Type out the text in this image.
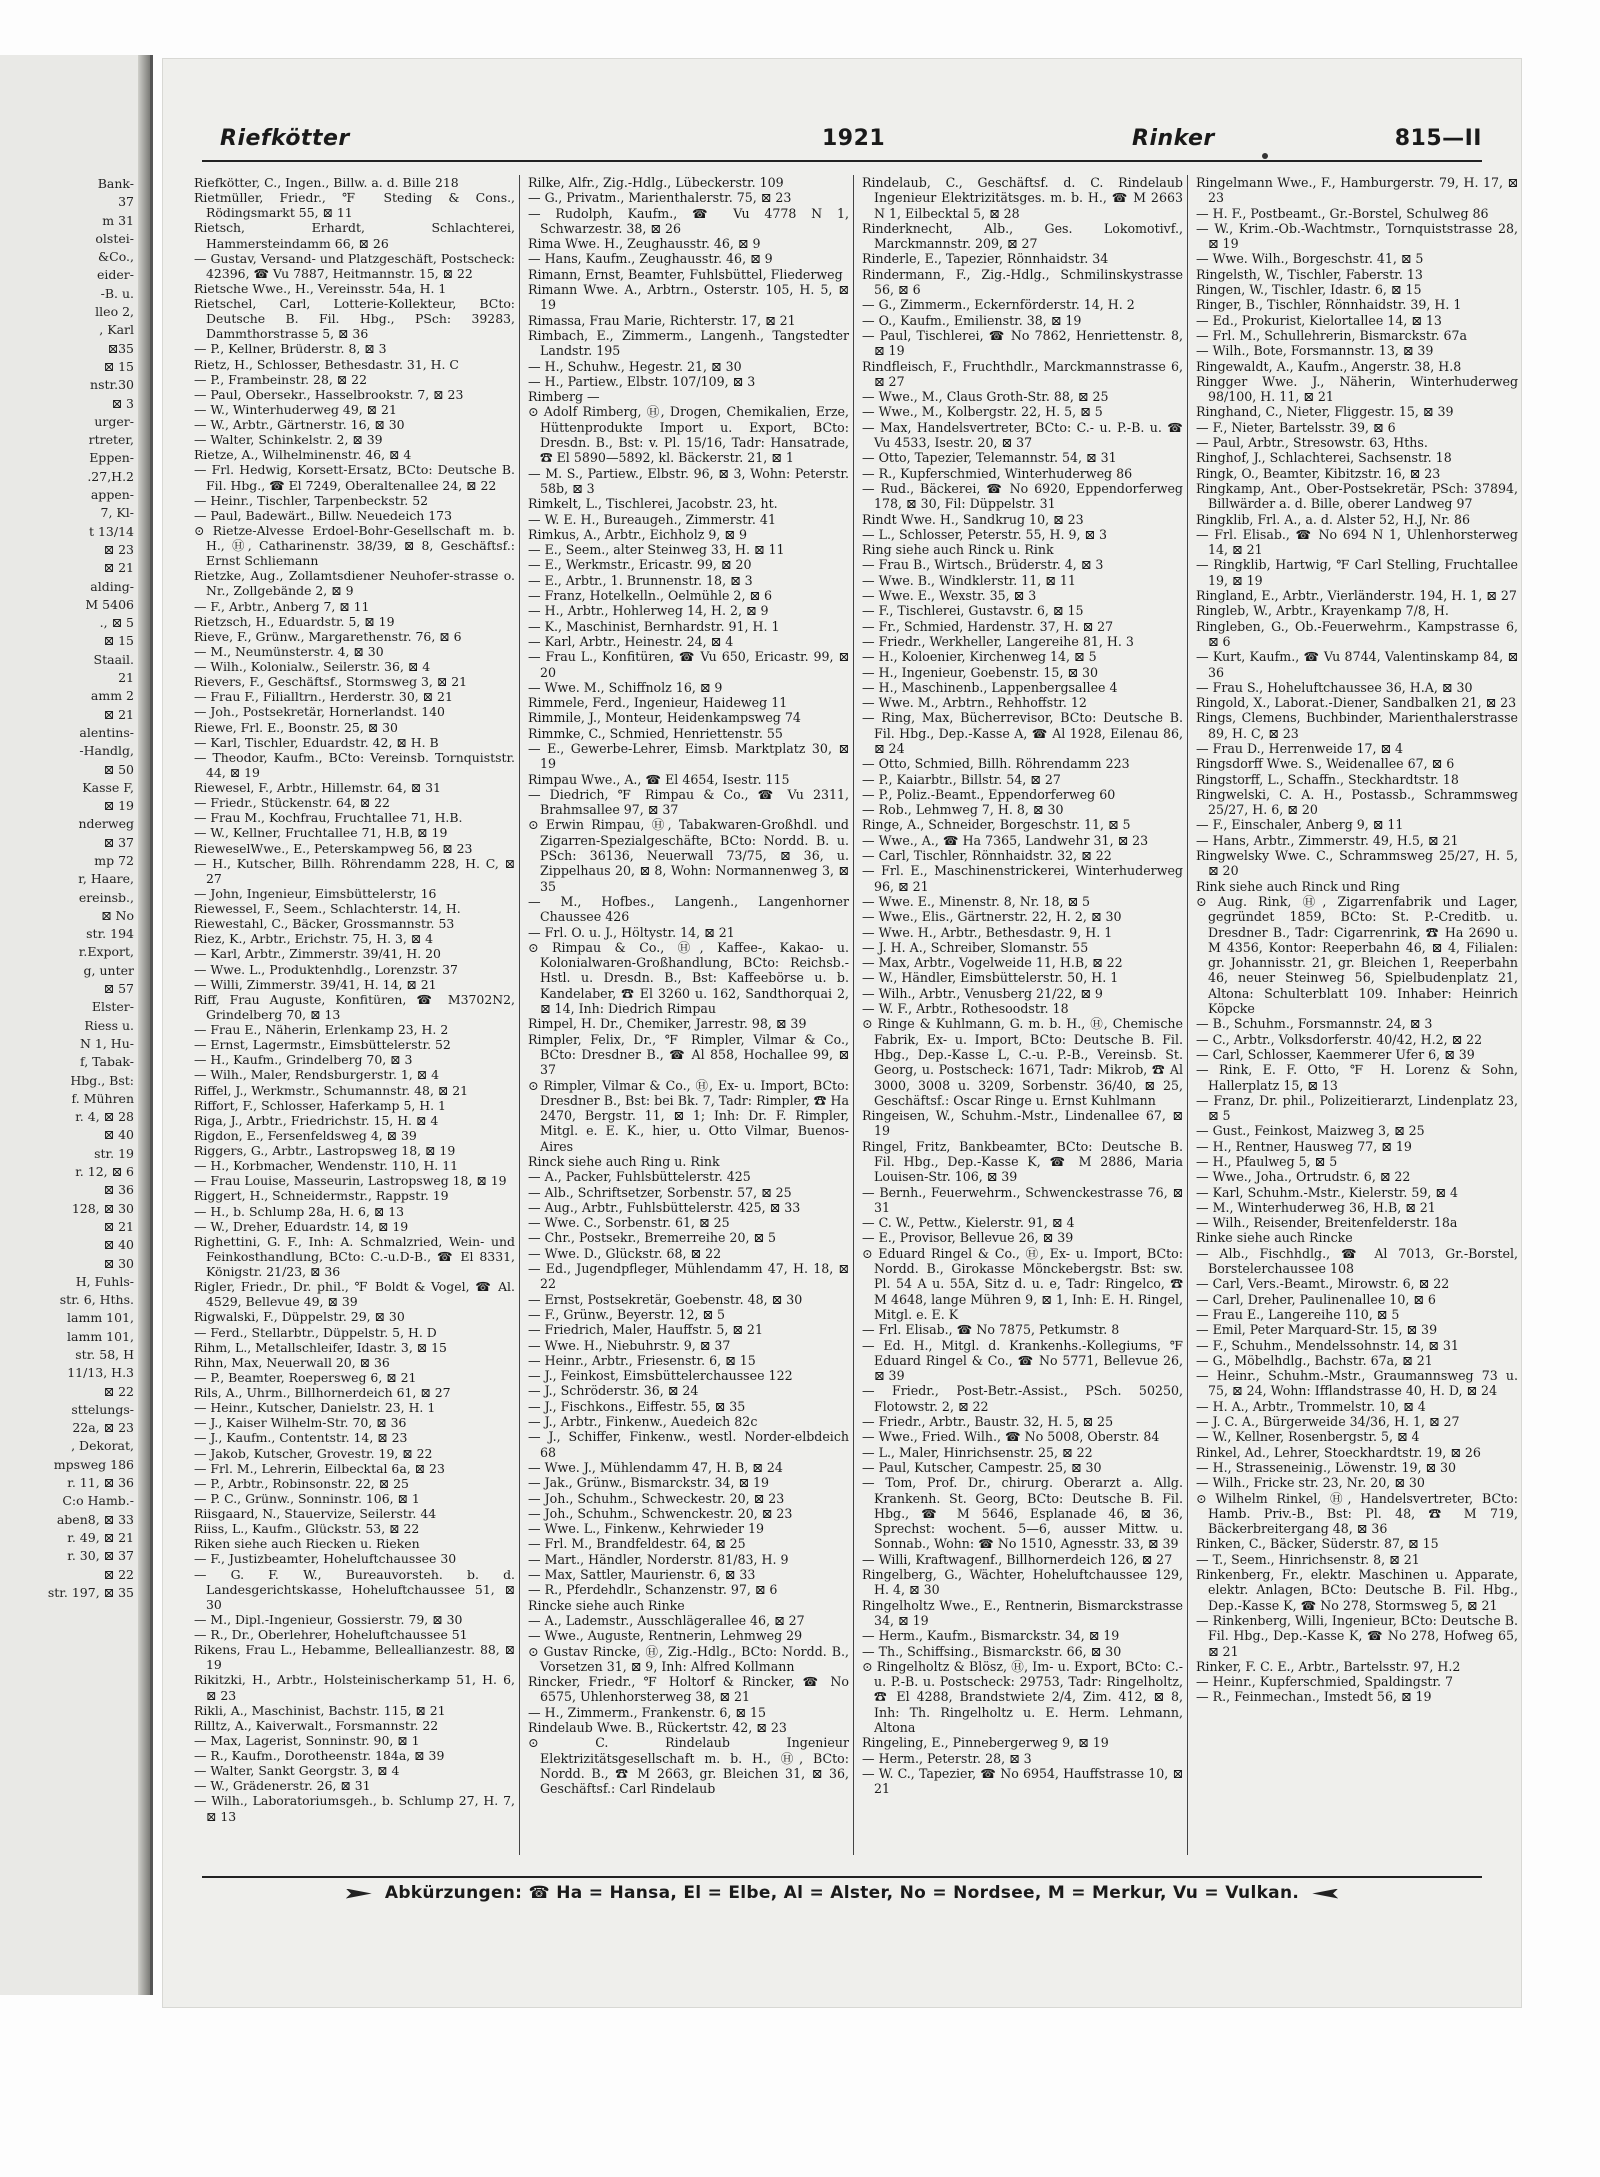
Bank-
37
m 31
olstei-
&Co.,
eider-
-B. u.
lleo 2,
, Karl
⊠35
⊠ 15
nstr.30
⊠ 3
urger-
rtreter,
Eppen-
.27,H.2
appen-
7, Kl-
t 13/14
⊠ 23
⊠ 21
alding-
M 5406
., ⊠ 5
⊠ 15
Staail.
21
amm 2
⊠ 21
alentins-
-Handlg,
⊠ 50
Kasse F,
⊠ 19
nderweg
⊠ 37
mp 72
r, Haare,
ereinsb.,
⊠ No
str. 194
r.Export,
g, unter
⊠ 57
Elster-
Riess u.
N 1, Hu-
f, Tabak-
Hbg., Bst:
f. Mühren
r. 4, ⊠ 28
⊠ 40
str. 19
r. 12, ⊠ 6
⊠ 36
128, ⊠ 30
⊠ 21
⊠ 40
⊠ 30
H, Fuhls-
str. 6, Hths.
lamm 101,
lamm 101,
str. 58, H
11/13, H.3
⊠ 22
sttelungs-
22a, ⊠ 23
, Dekorat,
mpsweg 186
r. 11, ⊠ 36
C:o Hamb.-
aben8, ⊠ 33
r. 49, ⊠ 21
r. 30, ⊠ 37
⊠ 22
str. 197, ⊠ 35
Riefkötter	1921	Rinker	815—II

Riefkötter, C., Ingen., Billw. a. d. Bille 218

Rietmüller, Friedr., ℉ Steding & Cons., Rödingsmarkt 55, ⊠ 11

Rietsch, Erhardt, Schlachterei, Hammersteindamm 66, ⊠ 26

— Gustav, Versand- und Platzgeschäft, Postscheck: 42396, ☎ Vu 7887, Heitmannstr. 15, ⊠ 22

Rietsche Wwe., H., Vereinsstr. 54a, H. 1

Rietschel, Carl, Lotterie-Kollekteur, BCto: Deutsche B. Fil. Hbg., PSch: 39283, Dammthorstrasse 5, ⊠ 36

— P., Kellner, Brüderstr. 8, ⊠ 3

Rietz, H., Schlosser, Bethesdastr. 31, H. C

— P., Frambeinstr. 28, ⊠ 22

— Paul, Obersekr., Hasselbrookstr. 7, ⊠ 23

— W., Winterhuderweg 49, ⊠ 21

— W., Arbtr., Gärtnerstr. 16, ⊠ 30

— Walter, Schinkelstr. 2, ⊠ 39

Rietze, A., Wilhelminenstr. 46, ⊠ 4

— Frl. Hedwig, Korsett-Ersatz, BCto: Deutsche B. Fil. Hbg., ☎ El 7249, Oberaltenallee 24, ⊠ 22

— Heinr., Tischler, Tarpenbeckstr. 52

— Paul, Badewärt., Billw. Neuedeich 173

⊙ Rietze-Alvesse Erdoel-Bohr-Gesellschaft m. b. H., Ⓗ, Catharinenstr. 38/39, ⊠ 8, Geschäftsf.: Ernst Schliemann

Rietzke, Aug., Zollamtsdiener Neuhofer-strasse o. Nr., Zollgebände 2, ⊠ 9

— F., Arbtr., Anberg 7, ⊠ 11

Rietzsch, H., Eduardstr. 5, ⊠ 19

Rieve, F., Grünw., Margarethenstr. 76, ⊠ 6

— M., Neumünsterstr. 4, ⊠ 30

— Wilh., Kolonialw., Seilerstr. 36, ⊠ 4

Rievers, F., Geschäftsf., Stormsweg 3, ⊠ 21

— Frau F., Filialltrn., Herderstr. 30, ⊠ 21

— Joh., Postsekretär, Hornerlandst. 140

Riewe, Frl. E., Boonstr. 25, ⊠ 30

— Karl, Tischler, Eduardstr. 42, ⊠ H. B

— Theodor, Kaufm., BCto: Vereinsb. Tornquiststr. 44, ⊠ 19

Riewesel, F., Arbtr., Hillemstr. 64, ⊠ 31

— Friedr., Stückenstr. 64, ⊠ 22

— Frau M., Kochfrau, Fruchtallee 71, H.B.

— W., Kellner, Fruchtallee 71, H.B, ⊠ 19

RieweselWwe., E., Peterskampweg 56, ⊠ 23

— H., Kutscher, Billh. Röhrendamm 228, H. C, ⊠ 27

— John, Ingenieur, Eimsbüttelerstr, 16

Riewessel, F., Seem., Schlachterstr. 14, H.

Riewestahl, C., Bäcker, Grossmannstr. 53

Riez, K., Arbtr., Erichstr. 75, H. 3, ⊠ 4

— Karl, Arbtr., Zimmerstr. 39/41, H. 20

— Wwe. L., Produktenhdlg., Lorenzstr. 37

— Willi, Zimmerstr. 39/41, H. 14, ⊠ 21

Riff, Frau Auguste, Konfitüren, ☎ M3702N2, Grindelberg 70, ⊠ 13

— Frau E., Näherin, Erlenkamp 23, H. 2

— Ernst, Lagermstr., Eimsbüttelerstr. 52

— H., Kaufm., Grindelberg 70, ⊠ 3

— Wilh., Maler, Rendsburgerstr. 1, ⊠ 4

Riffel, J., Werkmstr., Schumannstr. 48, ⊠ 21

Riffort, F., Schlosser, Haferkamp 5, H. 1

Riga, J., Arbtr., Friedrichstr. 15, H. ⊠ 4

Rigdon, E., Fersenfeldsweg 4, ⊠ 39

Riggers, G., Arbtr., Lastropsweg 18, ⊠ 19

— H., Korbmacher, Wendenstr. 110, H. 11

— Frau Louise, Masseurin, Lastropsweg 18, ⊠ 19

Riggert, H., Schneidermstr., Rappstr. 19

— H., b. Schlump 28a, H. 6, ⊠ 13

— W., Dreher, Eduardstr. 14, ⊠ 19

Righettini, G. F., Inh: A. Schmalzried, Wein- und Feinkosthandlung, BCto: C.-u.D-B., ☎ El 8331, Königstr. 21/23, ⊠ 36

Rigler, Friedr., Dr. phil., ℉ Boldt & Vogel, ☎ Al. 4529, Bellevue 49, ⊠ 39

Rigwalski, F., Düppelstr. 29, ⊠ 30

— Ferd., Stellarbtr., Düppelstr. 5, H. D

Rihm, L., Metallschleifer, Idastr. 3, ⊠ 15

Rihn, Max, Neuerwall 20, ⊠ 36

— P., Beamter, Roepersweg 6, ⊠ 21

Rils, A., Uhrm., Billhornerdeich 61, ⊠ 27

— Heinr., Kutscher, Danielstr. 23, H. 1

— J., Kaiser Wilhelm-Str. 70, ⊠ 36

— J., Kaufm., Contentstr. 14, ⊠ 23

— Jakob, Kutscher, Grovestr. 19, ⊠ 22

— Frl. M., Lehrerin, Eilbecktal 6a, ⊠ 23

— P., Arbtr., Robinsonstr. 22, ⊠ 25

— P. C., Grünw., Sonninstr. 106, ⊠ 1

Riisgaard, N., Stauervize, Seilerstr. 44

Riiss, L., Kaufm., Glückstr. 53, ⊠ 22

Riken siehe auch Riecken u. Rieken

— F., Justizbeamter, Hoheluftchaussee 30

— G. F. W., Bureauvorsteh. b. d. Landesgerichtskasse, Hoheluftchaussee 51, ⊠ 30

— M., Dipl.-Ingenieur, Gossierstr. 79, ⊠ 30

— R., Dr., Oberlehrer, Hoheluftchaussee 51

Rikens, Frau L., Hebamme, Belleallianzestr. 88, ⊠ 19

Rikitzki, H., Arbtr., Holsteinischerkamp 51, H. 6, ⊠ 23

Rikli, A., Maschinist, Bachstr. 115, ⊠ 21

Rilltz, A., Kaiverwalt., Forsmannstr. 22

— Max, Lagerist, Sonninstr. 90, ⊠ 1

— R., Kaufm., Dorotheenstr. 184a, ⊠ 39

— Walter, Sankt Georgstr. 3, ⊠ 4

— W., Grädenerstr. 26, ⊠ 31

— Wilh., Laboratoriumsgeh., b. Schlump 27, H. 7, ⊠ 13

Rilke, Alfr., Zig.-Hdlg., Lübeckerstr. 109

— G., Privatm., Marienthalerstr. 75, ⊠ 23

— Rudolph, Kaufm., ☎ Vu 4778 N 1, Schwarzestr. 38, ⊠ 26

Rima Wwe. H., Zeughausstr. 46, ⊠ 9

— Hans, Kaufm., Zeughausstr. 46, ⊠ 9

Rimann, Ernst, Beamter, Fuhlsbüttel, Fliederweg

Rimann Wwe. A., Arbtrn., Osterstr. 105, H. 5, ⊠ 19

Rimassa, Frau Marie, Richterstr. 17, ⊠ 21

Rimbach, E., Zimmerm., Langenh., Tangstedter Landstr. 195

— H., Schuhw., Hegestr. 21, ⊠ 30

— H., Partiew., Elbstr. 107/109, ⊠ 3

Rimberg —

⊙ Adolf Rimberg, Ⓗ, Drogen, Chemikalien, Erze, Hüttenprodukte Import u. Export, BCto: Dresdn. B., Bst: v. Pl. 15/16, Tadr: Hansatrade, ☎ El 5890—5892, kl. Bäckerstr. 21, ⊠ 1

— M. S., Partiew., Elbstr. 96, ⊠ 3, Wohn: Peterstr. 58b, ⊠ 3

Rimkelt, L., Tischlerei, Jacobstr. 23, ht.

— W. E. H., Bureaugeh., Zimmerstr. 41

Rimkus, A., Arbtr., Eichholz 9, ⊠ 9

— E., Seem., alter Steinweg 33, H. ⊠ 11

— E., Werkmstr., Ericastr. 99, ⊠ 20

— E., Arbtr., 1. Brunnenstr. 18, ⊠ 3

— Franz, Hotelkelln., Oelmühle 2, ⊠ 6

— H., Arbtr., Hohlerweg 14, H. 2, ⊠ 9

— K., Maschinist, Bernhardstr. 91, H. 1

— Karl, Arbtr., Heinestr. 24, ⊠ 4

— Frau L., Konfitüren, ☎ Vu 650, Ericastr. 99, ⊠ 20

— Wwe. M., Schiffnolz 16, ⊠ 9

Rimmele, Ferd., Ingenieur, Haideweg 11

Rimmile, J., Monteur, Heidenkampsweg 74

Rimmke, C., Schmied, Henriettenstr. 55

— E., Gewerbe-Lehrer, Eimsb. Marktplatz 30, ⊠ 19

Rimpau Wwe., A., ☎ El 4654, Isestr. 115

— Diedrich, ℉ Rimpau & Co., ☎ Vu 2311, Brahmsallee 97, ⊠ 37

⊙ Erwin Rimpau, Ⓗ, Tabakwaren-Großhdl. und Zigarren-Spezialgeschäfte, BCto: Nordd. B. u. PSch: 36136, Neuerwall 73/75, ⊠ 36, u. Zippelhaus 20, ⊠ 8, Wohn: Normannenweg 3, ⊠ 35

— M., Hofbes., Langenh., Langenhorner Chaussee 426

— Frl. O. u. J., Höltystr. 14, ⊠ 21

⊙ Rimpau & Co., Ⓗ, Kaffee-, Kakao- u. Kolonialwaren-Großhandlung, BCto: Reichsb.-Hstl. u. Dresdn. B., Bst: Kaffeebörse u. b. Kandelaber, ☎ El 3260 u. 162, Sandthorquai 2, ⊠ 14, Inh: Diedrich Rimpau

Rimpel, H. Dr., Chemiker, Jarrestr. 98, ⊠ 39

Rimpler, Felix, Dr., ℉ Rimpler, Vilmar & Co., BCto: Dresdner B., ☎ Al 858, Hochallee 99, ⊠ 37

⊙ Rimpler, Vilmar & Co., Ⓗ, Ex- u. Import, BCto: Dresdner B., Bst: bei Bk. 7, Tadr: Rimpler, ☎ Ha 2470, Bergstr. 11, ⊠ 1; Inh: Dr. F. Rimpler, Mitgl. e. E. K., hier, u. Otto Vilmar, Buenos-Aires

Rinck siehe auch Ring u. Rink

— A., Packer, Fuhlsbüttelerstr. 425

— Alb., Schriftsetzer, Sorbenstr. 57, ⊠ 25

— Aug., Arbtr., Fuhlsbüttelerstr. 425, ⊠ 33

— Wwe. C., Sorbenstr. 61, ⊠ 25

— Chr., Postsekr., Bremerreihe 20, ⊠ 5

— Wwe. D., Glückstr. 68, ⊠ 22

— Ed., Jugendpfleger, Mühlendamm 47, H. 18, ⊠ 22

— Ernst, Postsekretär, Goebenstr. 48, ⊠ 30

— F., Grünw., Beyerstr. 12, ⊠ 5

— Friedrich, Maler, Hauffstr. 5, ⊠ 21

— Wwe. H., Niebuhrstr. 9, ⊠ 37

— Heinr., Arbtr., Friesenstr. 6, ⊠ 15

— J., Feinkost, Eimsbüttelerchaussee 122

— J., Schröderstr. 36, ⊠ 24

— J., Fischkons., Eiffestr. 55, ⊠ 35

— J., Arbtr., Finkenw., Auedeich 82c

— J., Schiffer, Finkenw., westl. Norder-elbdeich 68

— Wwe. J., Mühlendamm 47, H. B, ⊠ 24

— Jak., Grünw., Bismarckstr. 34, ⊠ 19

— Joh., Schuhm., Schweckestr. 20, ⊠ 23

— Joh., Schuhm., Schwenckestr. 20, ⊠ 23

— Wwe. L., Finkenw., Kehrwieder 19

— Frl. M., Brandfeldestr. 64, ⊠ 25

— Mart., Händler, Norderstr. 81/83, H. 9

— Max, Sattler, Maurienstr. 6, ⊠ 33

— R., Pferdehdlr., Schanzenstr. 97, ⊠ 6

Rincke siehe auch Rinke

— A., Lademstr., Ausschlägerallee 46, ⊠ 27

— Wwe., Auguste, Rentnerin, Lehmweg 29

⊙ Gustav Rincke, Ⓗ, Zig.-Hdlg., BCto: Nordd. B., Vorsetzen 31, ⊠ 9, Inh: Alfred Kollmann

Rincker, Friedr., ℉ Holtorf & Rincker, ☎ No 6575, Uhlenhorsterweg 38, ⊠ 21

— H., Zimmerm., Frankenstr. 6, ⊠ 15

Rindelaub Wwe. B., Rückertstr. 42, ⊠ 23

⊙ C. Rindelaub Ingenieur Elektrizitätsgesellschaft m. b. H., Ⓗ, BCto: Nordd. B., ☎ M 2663, gr. Bleichen 31, ⊠ 36, Geschäftsf.: Carl Rindelaub

Rindelaub, C., Geschäftsf. d. C. Rindelaub Ingenieur Elektrizitätsges. m. b. H., ☎ M 2663 N 1, Eilbecktal 5, ⊠ 28

Rinderknecht, Alb., Ges. Lokomotivf., Marckmannstr. 209, ⊠ 27

Rinderle, E., Tapezier, Rönnhaidstr. 34

Rindermann, F., Zig.-Hdlg., Schmilinskystrasse 56, ⊠ 6

— G., Zimmerm., Eckernförderstr. 14, H. 2

— O., Kaufm., Emilienstr. 38, ⊠ 19

— Paul, Tischlerei, ☎ No 7862, Henriettenstr. 8, ⊠ 19

Rindfleisch, F., Fruchthdlr., Marckmannstrasse 6, ⊠ 27

— Wwe., M., Claus Groth-Str. 88, ⊠ 25

— Wwe., M., Kolbergstr. 22, H. 5, ⊠ 5

— Max, Handelsvertreter, BCto: C.- u. P.-B. u. ☎ Vu 4533, Isestr. 20, ⊠ 37

— Otto, Tapezier, Telemannstr. 54, ⊠ 31

— R., Kupferschmied, Winterhuderweg 86

— Rud., Bäckerei, ☎ No 6920, Eppendorferweg 178, ⊠ 30, Fil: Düppelstr. 31

Rindt Wwe. H., Sandkrug 10, ⊠ 23

— L., Schlosser, Peterstr. 55, H. 9, ⊠ 3

Ring siehe auch Rinck u. Rink

— Frau B., Wirtsch., Brüderstr. 4, ⊠ 3

— Wwe. B., Windklerstr. 11, ⊠ 11

— Wwe. E., Wexstr. 35, ⊠ 3

— F., Tischlerei, Gustavstr. 6, ⊠ 15

— Fr., Schmied, Hardenstr. 37, H. ⊠ 27

— Friedr., Werkheller, Langereihe 81, H. 3

— H., Koloenier, Kirchenweg 14, ⊠ 5

— H., Ingenieur, Goebenstr. 15, ⊠ 30

— H., Maschinenb., Lappenbergsallee 4

— Wwe. M., Arbtrn., Rehhoffstr. 12

— Ring, Max, Bücherrevisor, BCto: Deutsche B. Fil. Hbg., Dep.-Kasse A, ☎ Al 1928, Eilenau 86, ⊠ 24

— Otto, Schmied, Billh. Röhrendamm 223

— P., Kaiarbtr., Billstr. 54, ⊠ 27

— P., Poliz.-Beamt., Eppendorferweg 60

— Rob., Lehmweg 7, H. 8, ⊠ 30

Ringe, A., Schneider, Borgeschstr. 11, ⊠ 5

— Wwe., A., ☎ Ha 7365, Landwehr 31, ⊠ 23

— Carl, Tischler, Rönnhaidstr. 32, ⊠ 22

— Frl. E., Maschinenstrickerei, Winterhuderweg 96, ⊠ 21

— Wwe. E., Minenstr. 8, Nr. 18, ⊠ 5

— Wwe., Elis., Gärtnerstr. 22, H. 2, ⊠ 30

— Wwe. H., Arbtr., Bethesdastr. 9, H. 1

— J. H. A., Schreiber, Slomanstr. 55

— Max, Arbtr., Vogelweide 11, H.B, ⊠ 22

— W., Händler, Eimsbüttelerstr. 50, H. 1

— Wilh., Arbtr., Venusberg 21/22, ⊠ 9

— W. F., Arbtr., Rothesoodstr. 18

⊙ Ringe & Kuhlmann, G. m. b. H., Ⓗ, Chemische Fabrik, Ex- u. Import, BCto: Deutsche B. Fil. Hbg., Dep.-Kasse L, C.-u. P.-B., Vereinsb. St. Georg, u. Postscheck: 1671, Tadr: Mikrob, ☎ Al 3000, 3008 u. 3209, Sorbenstr. 36/40, ⊠ 25, Geschäftsf.: Oscar Ringe u. Ernst Kuhlmann

Ringeisen, W., Schuhm.-Mstr., Lindenallee 67, ⊠ 19

Ringel, Fritz, Bankbeamter, BCto: Deutsche B. Fil. Hbg., Dep.-Kasse K, ☎ M 2886, Maria Louisen-Str. 106, ⊠ 39

— Bernh., Feuerwehrm., Schwenckestrasse 76, ⊠ 31

— C. W., Pettw., Kielerstr. 91, ⊠ 4

— E., Provisor, Bellevue 26, ⊠ 39

⊙ Eduard Ringel & Co., Ⓗ, Ex- u. Import, BCto: Nordd. B., Girokasse Mönckebergstr. Bst: sw. Pl. 54 A u. 55A, Sitz d. u. e, Tadr: Ringelco, ☎ M 4648, lange Mühren 9, ⊠ 1, Inh: E. H. Ringel, Mitgl. e. E. K

— Frl. Elisab., ☎ No 7875, Petkumstr. 8

— Ed. H., Mitgl. d. Krankenhs.-Kollegiums, ℉ Eduard Ringel & Co., ☎ No 5771, Bellevue 26, ⊠ 39

— Friedr., Post-Betr.-Assist., PSch. 50250, Flotowstr. 2, ⊠ 22

— Friedr., Arbtr., Baustr. 32, H. 5, ⊠ 25

— Wwe., Fried. Wilh., ☎ No 5008, Oberstr. 84

— L., Maler, Hinrichsenstr. 25, ⊠ 22

— Paul, Kutscher, Campestr. 25, ⊠ 30

— Tom, Prof. Dr., chirurg. Oberarzt a. Allg. Krankenh. St. Georg, BCto: Deutsche B. Fil. Hbg., ☎ M 5646, Esplanade 46, ⊠ 36, Sprechst: wochent. 5—6, ausser Mittw. u. Sonnab., Wohn: ☎ No 1510, Agnesstr. 33, ⊠ 39

— Willi, Kraftwagenf., Billhornerdeich 126, ⊠ 27

Ringelberg, G., Wächter, Hoheluftchaussee 129, H. 4, ⊠ 30

Ringelholtz Wwe., E., Rentnerin, Bismarckstrasse 34, ⊠ 19

— Herm., Kaufm., Bismarckstr. 34, ⊠ 19

— Th., Schiffsing., Bismarckstr. 66, ⊠ 30

⊙ Ringelholtz & Blösz, Ⓗ, Im- u. Export, BCto: C.- u. P.-B. u. Postscheck: 29753, Tadr: Ringelholtz, ☎ El 4288, Brandstwiete 2/4, Zim. 412, ⊠ 8, Inh: Th. Ringelholtz u. E. Herm. Lehmann, Altona

Ringeling, E., Pinnebergerweg 9, ⊠ 19

— Herm., Peterstr. 28, ⊠ 3

— W. C., Tapezier, ☎ No 6954, Hauffstrasse 10, ⊠ 21

Ringelmann Wwe., F., Hamburgerstr. 79, H. 17, ⊠ 23

— H. F., Postbeamt., Gr.-Borstel, Schulweg 86

— W., Krim.-Ob.-Wachtmstr., Tornquiststrasse 28, ⊠ 19

— Wwe. Wilh., Borgeschstr. 41, ⊠ 5

Ringelsth, W., Tischler, Faberstr. 13

Ringen, W., Tischler, Idastr. 6, ⊠ 15

Ringer, B., Tischler, Rönnhaidstr. 39, H. 1

— Ed., Prokurist, Kielortallee 14, ⊠ 13

— Frl. M., Schullehrerin, Bismarckstr. 67a

— Wilh., Bote, Forsmannstr. 13, ⊠ 39

Ringewaldt, A., Kaufm., Angerstr. 38, H.8

Ringger Wwe. J., Näherin, Winterhuderweg 98/100, H. 11, ⊠ 21

Ringhand, C., Nieter, Fliggestr. 15, ⊠ 39

— F., Nieter, Bartelsstr. 39, ⊠ 6

— Paul, Arbtr., Stresowstr. 63, Hths.

Ringhof, J., Schlachterei, Sachsenstr. 18

Ringk, O., Beamter, Kibitzstr. 16, ⊠ 23

Ringkamp, Ant., Ober-Postsekretär, PSch: 37894, Billwärder a. d. Bille, oberer Landweg 97

Ringklib, Frl. A., a. d. Alster 52, H.J, Nr. 86

— Frl. Elisab., ☎ No 694 N 1, Uhlenhorsterweg 14, ⊠ 21

— Ringklib, Hartwig, ℉ Carl Stelling, Fruchtallee 19, ⊠ 19

Ringland, E., Arbtr., Vierländerstr. 194, H. 1, ⊠ 27

Ringleb, W., Arbtr., Krayenkamp 7/8, H.

Ringleben, G., Ob.-Feuerwehrm., Kampstrasse 6, ⊠ 6

— Kurt, Kaufm., ☎ Vu 8744, Valentinskamp 84, ⊠ 36

— Frau S., Hoheluftchaussee 36, H.A, ⊠ 30

Ringold, X., Laborat.-Diener, Sandbalken 21, ⊠ 23

Rings, Clemens, Buchbinder, Marienthalerstrasse 89, H. C, ⊠ 23

— Frau D., Herrenweide 17, ⊠ 4

Ringsdorff Wwe. S., Weidenallee 67, ⊠ 6

Ringstorff, L., Schaffn., Steckhardtstr. 18

Ringwelski, C. A. H., Postassb., Schrammsweg 25/27, H. 6, ⊠ 20

— F., Einschaler, Anberg 9, ⊠ 11

— Hans, Arbtr., Zimmerstr. 49, H.5, ⊠ 21

Ringwelsky Wwe. C., Schrammsweg 25/27, H. 5, ⊠ 20

Rink siehe auch Rinck und Ring

⊙ Aug. Rink, Ⓗ, Zigarrenfabrik und Lager, gegründet 1859, BCto: St. P.-Creditb. u. Dresdner B., Tadr: Cigarrenrink, ☎ Ha 2690 u. M 4356, Kontor: Reeperbahn 46, ⊠ 4, Filialen: gr. Johannisstr. 21, gr. Bleichen 1, Reeperbahn 46, neuer Steinweg 56, Spielbudenplatz 21, Altona: Schulterblatt 109. Inhaber: Heinrich Köpcke

— B., Schuhm., Forsmannstr. 24, ⊠ 3

— C., Arbtr., Volksdorferstr. 40/42, H.2, ⊠ 22

— Carl, Schlosser, Kaemmerer Ufer 6, ⊠ 39

— Rink, E. F. Otto, ℉ H. Lorenz & Sohn, Hallerplatz 15, ⊠ 13

— Franz, Dr. phil., Polizeitierarzt, Lindenplatz 23, ⊠ 5

— Gust., Feinkost, Maizweg 3, ⊠ 25

— H., Rentner, Hausweg 77, ⊠ 19

— H., Pfaulweg 5, ⊠ 5

— Wwe., Joha., Ortrudstr. 6, ⊠ 22

— Karl, Schuhm.-Mstr., Kielerstr. 59, ⊠ 4

— M., Winterhuderweg 36, H.B, ⊠ 21

— Wilh., Reisender, Breitenfelderstr. 18a

Rinke siehe auch Rincke

— Alb., Fischhdlg., ☎ Al 7013, Gr.-Borstel, Borstelerchaussee 108

— Carl, Vers.-Beamt., Mirowstr. 6, ⊠ 22

— Carl, Dreher, Paulinenallee 10, ⊠ 6

— Frau E., Langereihe 110, ⊠ 5

— Emil, Peter Marquard-Str. 15, ⊠ 39

— F., Schuhm., Mendelssohnstr. 14, ⊠ 31

— G., Möbelhdlg., Bachstr. 67a, ⊠ 21

— Heinr., Schuhm.-Mstr., Graumannsweg 73 u. 75, ⊠ 24, Wohn: Ifflandstrasse 40, H. D, ⊠ 24

— H. A., Arbtr., Trommelstr. 10, ⊠ 4

— J. C. A., Bürgerweide 34/36, H. 1, ⊠ 27

— W., Kellner, Rosenbergstr. 5, ⊠ 4

Rinkel, Ad., Lehrer, Stoeckhardtstr. 19, ⊠ 26

— H., Strasseneinig., Löwenstr. 19, ⊠ 30

— Wilh., Fricke str. 23, Nr. 20, ⊠ 30

⊙ Wilhelm Rinkel, Ⓗ, Handelsvertreter, BCto: Hamb. Priv.-B., Bst: Pl. 48, ☎ M 719, Bäckerbreitergang 48, ⊠ 36

Rinken, C., Bäcker, Süderstr. 87, ⊠ 15

— T., Seem., Hinrichsenstr. 8, ⊠ 21

Rinkenberg, Fr., elektr. Maschinen u. Apparate, elektr. Anlagen, BCto: Deutsche B. Fil. Hbg., Dep.-Kasse K, ☎ No 278, Stormsweg 5, ⊠ 21

— Rinkenberg, Willi, Ingenieur, BCto: Deutsche B. Fil. Hbg., Dep.-Kasse K, ☎ No 278, Hofweg 65, ⊠ 21

Rinker, F. C. E., Arbtr., Bartelsstr. 97, H.2

— Heinr., Kupferschmied, Spaldingstr. 7

— R., Feinmechan., Imstedt 56, ⊠ 19

Abkürzungen: ☎ Ha = Hansa, El = Elbe, Al = Alster, No = Nordsee, M = Merkur, Vu = Vulkan.
